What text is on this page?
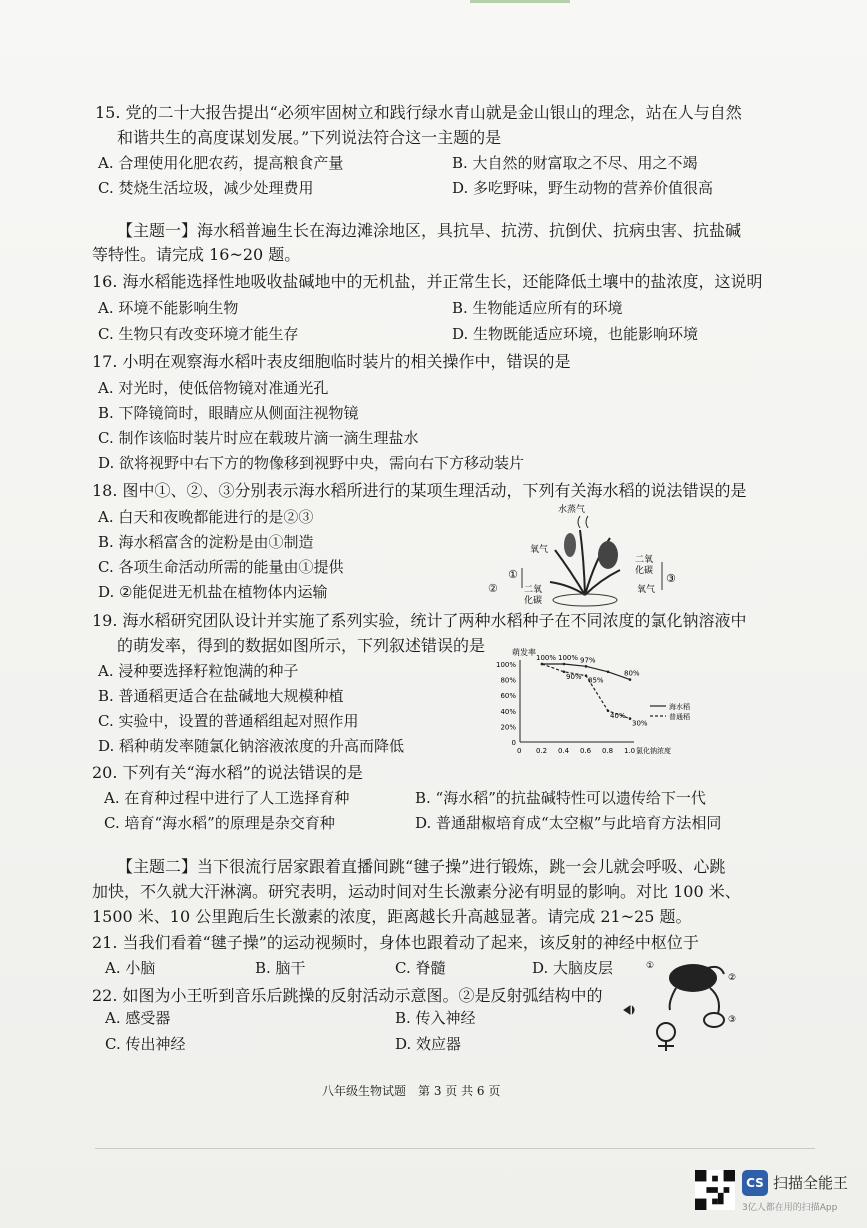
15. 党的二十大报告提出“必须牢固树立和践行绿水青山就是金山银山的理念，站在人与自然
和谐共生的高度谋划发展。”下列说法符合这一主题的是
A. 合理使用化肥农药，提高粮食产量	B. 大自然的财富取之不尽、用之不竭
C. 焚烧生活垃圾，减少处理费用	D. 多吃野味，野生动物的营养价值很高
【主题一】海水稻普遍生长在海边滩涂地区，具抗旱、抗涝、抗倒伏、抗病虫害、抗盐碱
等特性。请完成 16~20 题。
16. 海水稻能选择性地吸收盐碱地中的无机盐，并正常生长，还能降低土壤中的盐浓度，这说明
A. 环境不能影响生物	B. 生物能适应所有的环境
C. 生物只有改变环境才能生存	D. 生物既能适应环境，也能影响环境
17. 小明在观察海水稻叶表皮细胞临时装片的相关操作中，错误的是
A. 对光时，使低倍物镜对准通光孔
B. 下降镜筒时，眼睛应从侧面注视物镜
C. 制作该临时装片时应在载玻片滴一滴生理盐水
D. 欲将视野中右下方的物像移到视野中央，需向右下方移动装片
18. 图中①、②、③分别表示海水稻所进行的某项生理活动，下列有关海水稻的说法错误的是
A. 白天和夜晚都能进行的是②③
B. 海水稻富含的淀粉是由①制造
C. 各项生命活动所需的能量由①提供
D. ②能促进无机盐在植物体内运输
水蒸气
氧气
①
二氧
化碳
二氧
化碳
氧气
③
②
19. 海水稻研究团队设计并实施了系列实验，统计了两种水稻种子在不同浓度的氯化钠溶液中
的萌发率，得到的数据如图所示，下列叙述错误的是
A. 浸种要选择籽粒饱满的种子
B. 普通稻更适合在盐碱地大规模种植
C. 实验中，设置的普通稻组起对照作用
D. 稻种萌发率随氯化钠溶液浓度的升高而降低
萌发率
氯化钠浓度
0 0.2 0.4 0.6 0.8 1.0
0
20%
40%
60%
80%
100%
100% 100% 97%
80%
90% 85%
40%
30%
海水稻
普通稻
20. 下列有关“海水稻”的说法错误的是
A. 在育种过程中进行了人工选择育种	B. “海水稻”的抗盐碱特性可以遗传给下一代
C. 培育“海水稻”的原理是杂交育种	D. 普通甜椒培育成“太空椒”与此培育方法相同
【主题二】当下很流行居家跟着直播间跳“毽子操”进行锻炼，跳一会儿就会呼吸、心跳
加快，不久就大汗淋漓。研究表明，运动时间对生长激素分泌有明显的影响。对比 100 米、
1500 米、10 公里跑后生长激素的浓度，距离越长升高越显著。请完成 21~25 题。
21. 当我们看着“毽子操”的运动视频时，身体也跟着动了起来，该反射的神经中枢位于
A. 小脑	B. 脑干	C. 脊髓	D. 大脑皮层
22. 如图为小王听到音乐后跳操的反射活动示意图。②是反射弧结构中的
A. 感受器	B. 传入神经
C. 传出神经	D. 效应器
②
①
③
八年级生物试题　第 3 页 共 6 页
CS 扫描全能王
3亿人都在用的扫描App
